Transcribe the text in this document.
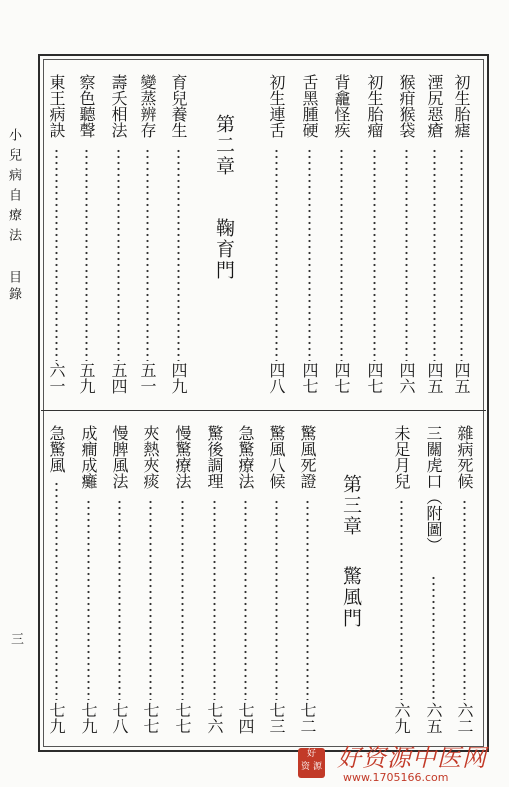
小兒病自療法

目錄

三

初生胎瘧

四五

湮尻惡瘡

四五

猴疳猴袋

四六

初生胎瘤

四七

背龕怪疾

四七

舌黑腫硬

四七

初生連舌

四八

第二章

鞠育門

育兒養生

四九

變蒸辨存

五一

壽夭相法

五四

察色聽聲

五九

東王病訣

六一

雜病死候

六二

三關虎口（附圖）

六五

未足月兒

六九

第三章

驚風門

驚風死證

七二

驚風八候

七三

急驚療法

七四

驚後調理

七六

慢驚療法

七七

夾熱夾痰

七七

慢脾風法

七八

成癎成癱

七九

急驚風

七九

好
资 源 好资源中医网
www.1705166.com
